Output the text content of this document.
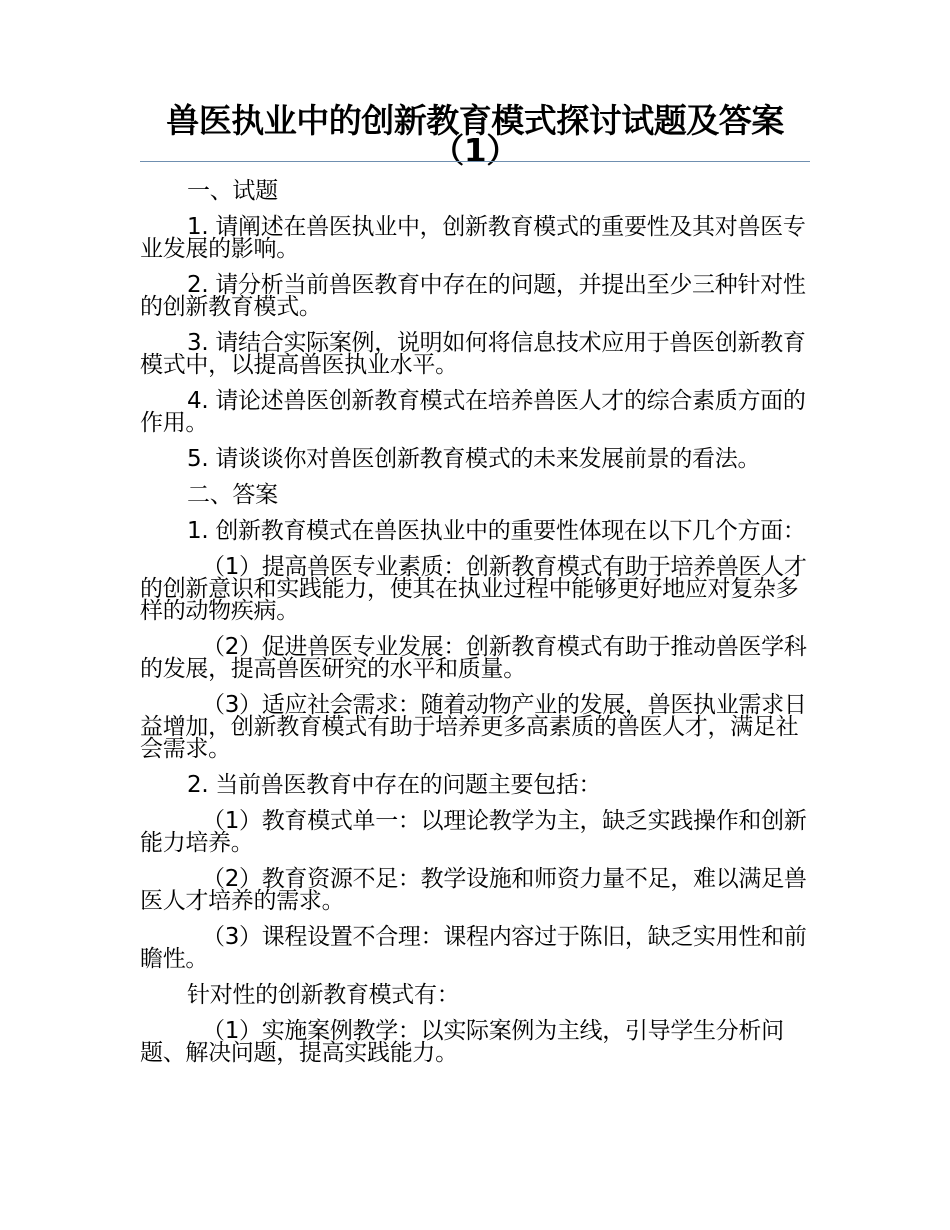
兽医执业中的创新教育模式探讨试题及答案（1）

一、试题

1. 请阐述在兽医执业中，创新教育模式的重要性及其对兽医专业发展的影响。

2. 请分析当前兽医教育中存在的问题，并提出至少三种针对性的创新教育模式。

3. 请结合实际案例，说明如何将信息技术应用于兽医创新教育模式中，以提高兽医执业水平。

4. 请论述兽医创新教育模式在培养兽医人才的综合素质方面的作用。

5. 请谈谈你对兽医创新教育模式的未来发展前景的看法。

二、答案

1. 创新教育模式在兽医执业中的重要性体现在以下几个方面：

（1）提高兽医专业素质：创新教育模式有助于培养兽医人才的创新意识和实践能力，使其在执业过程中能够更好地应对复杂多样的动物疾病。

（2）促进兽医专业发展：创新教育模式有助于推动兽医学科的发展，提高兽医研究的水平和质量。

（3）适应社会需求：随着动物产业的发展，兽医执业需求日益增加，创新教育模式有助于培养更多高素质的兽医人才，满足社会需求。

2. 当前兽医教育中存在的问题主要包括：

（1）教育模式单一：以理论教学为主，缺乏实践操作和创新能力培养。

（2）教育资源不足：教学设施和师资力量不足，难以满足兽医人才培养的需求。

（3）课程设置不合理：课程内容过于陈旧，缺乏实用性和前瞻性。

针对性的创新教育模式有：

（1）实施案例教学：以实际案例为主线，引导学生分析问题、解决问题，提高实践能力。
